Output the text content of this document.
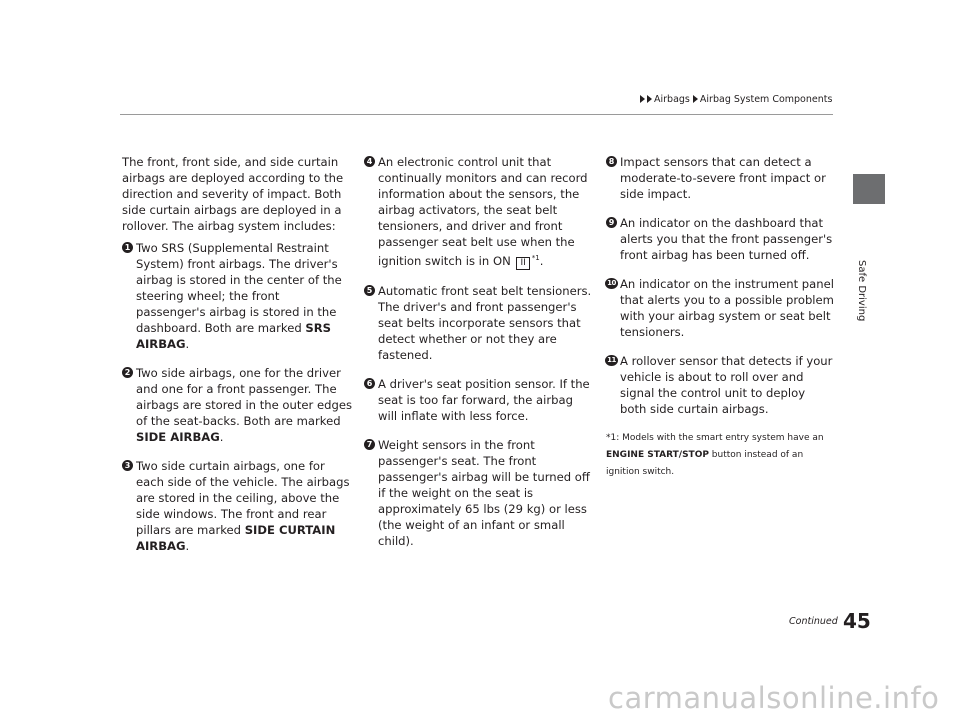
Airbags Airbag System Components
Safe Driving

The front, front side, and side curtain airbags are deployed according to the direction and severity of impact. Both side curtain airbags are deployed in a rollover. The airbag system includes:

1 Two SRS (Supplemental Restraint System) front airbags. The driver's airbag is stored in the center of the steering wheel; the front passenger's airbag is stored in the dashboard. Both are marked SRS AIRBAG.
2 Two side airbags, one for the driver and one for a front passenger. The airbags are stored in the outer edges of the seat-backs. Both are marked SIDE AIRBAG.
3 Two side curtain airbags, one for each side of the vehicle. The airbags are stored in the ceiling, above the side windows. The front and rear pillars are marked SIDE CURTAIN AIRBAG.
4 An electronic control unit that continually monitors and can record information about the sensors, the airbag activators, the seat belt tensioners, and driver and front passenger seat belt use when the ignition switch is in ON II $^{*1}$.
5 Automatic front seat belt tensioners. The driver's and front passenger's seat belts incorporate sensors that detect whether or not they are fastened.
6 A driver's seat position sensor. If the seat is too far forward, the airbag will inflate with less force.
7 Weight sensors in the front passenger's seat. The front passenger's airbag will be turned off if the weight on the seat is approximately 65 lbs (29 kg) or less (the weight of an infant or small child).
8 Impact sensors that can detect a moderate-to-severe front impact or side impact.
9 An indicator on the dashboard that alerts you that the front passenger's front airbag has been turned off.
10 An indicator on the instrument panel that alerts you to a possible problem with your airbag system or seat belt tensioners.
11 A rollover sensor that detects if your vehicle is about to roll over and signal the control unit to deploy both side curtain airbags.

*1: Models with the smart entry system have an ENGINE START/STOP button instead of an ignition switch.

Continued 45
carmanualsonline.info
